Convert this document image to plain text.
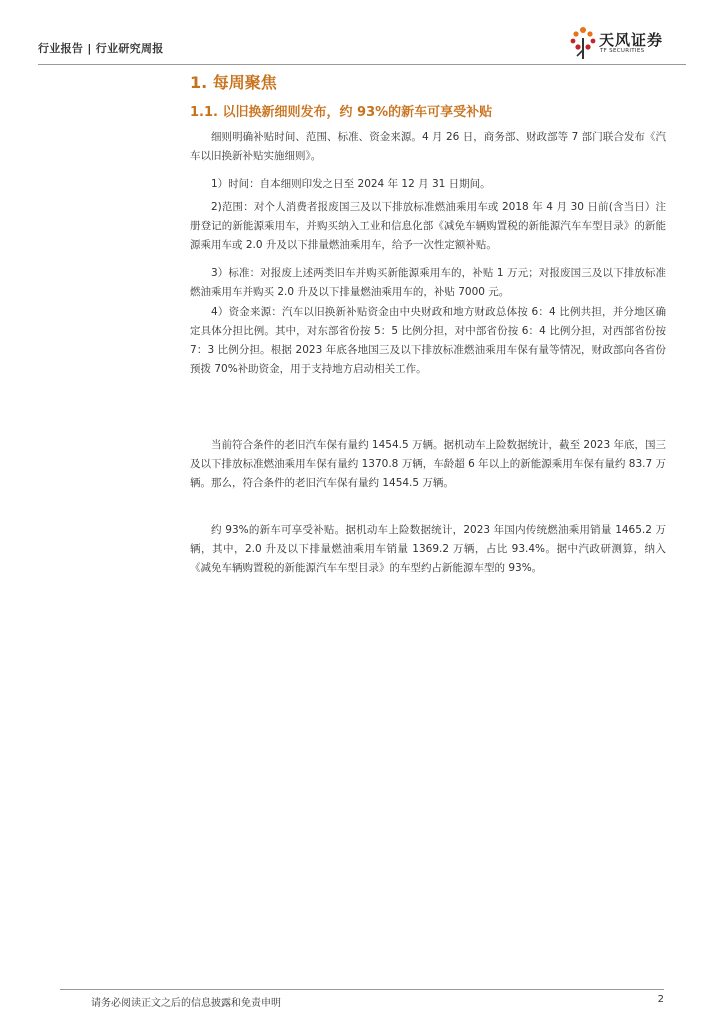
行业报告 | 行业研究周报	天风证券
TF SECURITIES
1. 每周聚焦
1.1. 以旧换新细则发布，约 93%的新车可享受补贴

细则明确补贴时间、范围、标准、资金来源。4 月 26 日，商务部、财政部等 7 部门联合发布《汽车以旧换新补贴实施细则》。

1）时间：自本细则印发之日至 2024 年 12 月 31 日期间。

2)范围：对个人消费者报废国三及以下排放标准燃油乘用车或 2018 年 4 月 30 日前(含当日）注册登记的新能源乘用车，并购买纳入工业和信息化部《减免车辆购置税的新能源汽车车型目录》的新能源乘用车或 2.0 升及以下排量燃油乘用车，给予一次性定额补贴。

3）标准：对报废上述两类旧车并购买新能源乘用车的，补贴 1 万元；对报废国三及以下排放标准燃油乘用车并购买 2.0 升及以下排量燃油乘用车的，补贴 7000 元。

4）资金来源：汽车以旧换新补贴资金由中央财政和地方财政总体按 6：4 比例共担，并分地区确定具体分担比例。其中，对东部省份按 5：5 比例分担，对中部省份按 6：4 比例分担，对西部省份按 7：3 比例分担。根据 2023 年底各地国三及以下排放标准燃油乘用车保有量等情况，财政部向各省份预拨 70%补助资金，用于支持地方启动相关工作。

当前符合条件的老旧汽车保有量约 1454.5 万辆。据机动车上险数据统计，截至 2023 年底，国三及以下排放标准燃油乘用车保有量约 1370.8 万辆，车龄超 6 年以上的新能源乘用车保有量约 83.7 万辆。那么，符合条件的老旧汽车保有量约 1454.5 万辆。

约 93%的新车可享受补贴。据机动车上险数据统计，2023 年国内传统燃油乘用销量 1465.2 万辆，其中，2.0 升及以下排量燃油乘用车销量 1369.2 万辆，占比 93.4%。据中汽政研测算，纳入《减免车辆购置税的新能源汽车车型目录》的车型约占新能源车型的 93%。

请务必阅读正文之后的信息披露和免责申明	2
